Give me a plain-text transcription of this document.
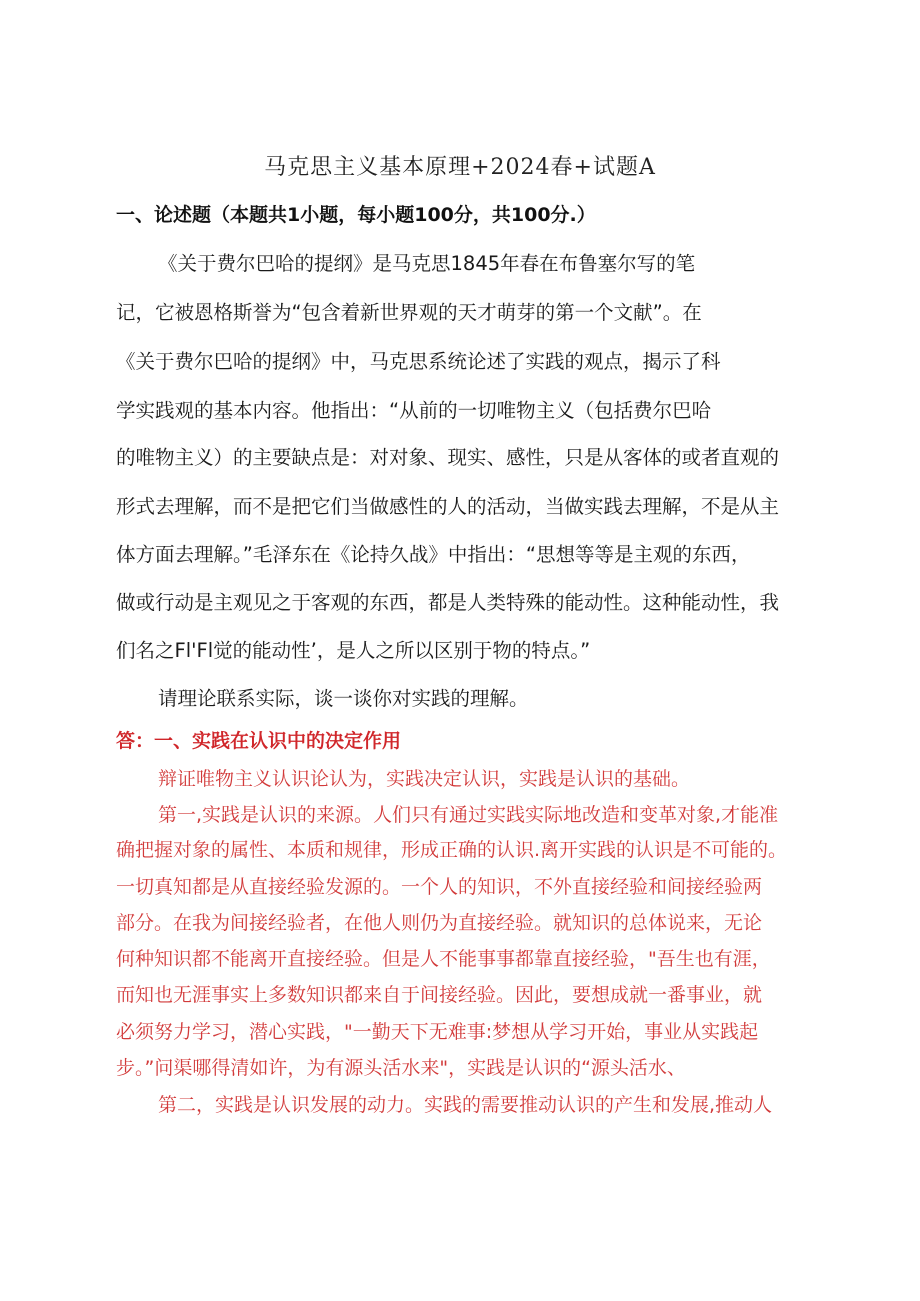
马克思主义基本原理+2024春+试题A
一、论述题（本题共1小题，每小题100分，共100分.）
《关于费尔巴哈的提纲》是马克思1845年春在布鲁塞尔写的笔
记，它被恩格斯誉为“包含着新世界观的天才萌芽的第一个文献”。在
《关于费尔巴哈的提纲》中，马克思系统论述了实践的观点，揭示了科
学实践观的基本内容。他指出：“从前的一切唯物主义（包括费尔巴哈
的唯物主义）的主要缺点是：对对象、现实、感性，只是从客体的或者直观的
形式去理解，而不是把它们当做感性的人的活动，当做实践去理解，不是从主
体方面去理解。”毛泽东在《论持久战》中指出：“思想等等是主观的东西，
做或行动是主观见之于客观的东西，都是人类特殊的能动性。这种能动性，我
们名之Fl'Fl觉的能动性’，是人之所以区别于物的特点。”
请理论联系实际，谈一谈你对实践的理解。
答：一、实践在认识中的决定作用
辩证唯物主义认识论认为，实践决定认识，实践是认识的基础。
第一,实践是认识的来源。人们只有通过实践实际地改造和变革对象,才能准
确把握对象的属性、本质和规律，形成正确的认识.离开实践的认识是不可能的。
一切真知都是从直接经验发源的。一个人的知识，不外直接经验和间接经验两
部分。在我为间接经验者，在他人则仍为直接经验。就知识的总体说来，无论
何种知识都不能离开直接经验。但是人不能事事都靠直接经验，"吾生也有涯，
而知也无涯事实上多数知识都来自于间接经验。因此，要想成就一番事业，就
必须努力学习，潜心实践，"一勤天下无难事:梦想从学习开始，事业从实践起
步。”问渠哪得清如许，为有源头活水来"，实践是认识的“源头活水、
第二，实践是认识发展的动力。实践的需要推动认识的产生和发展,推动人
